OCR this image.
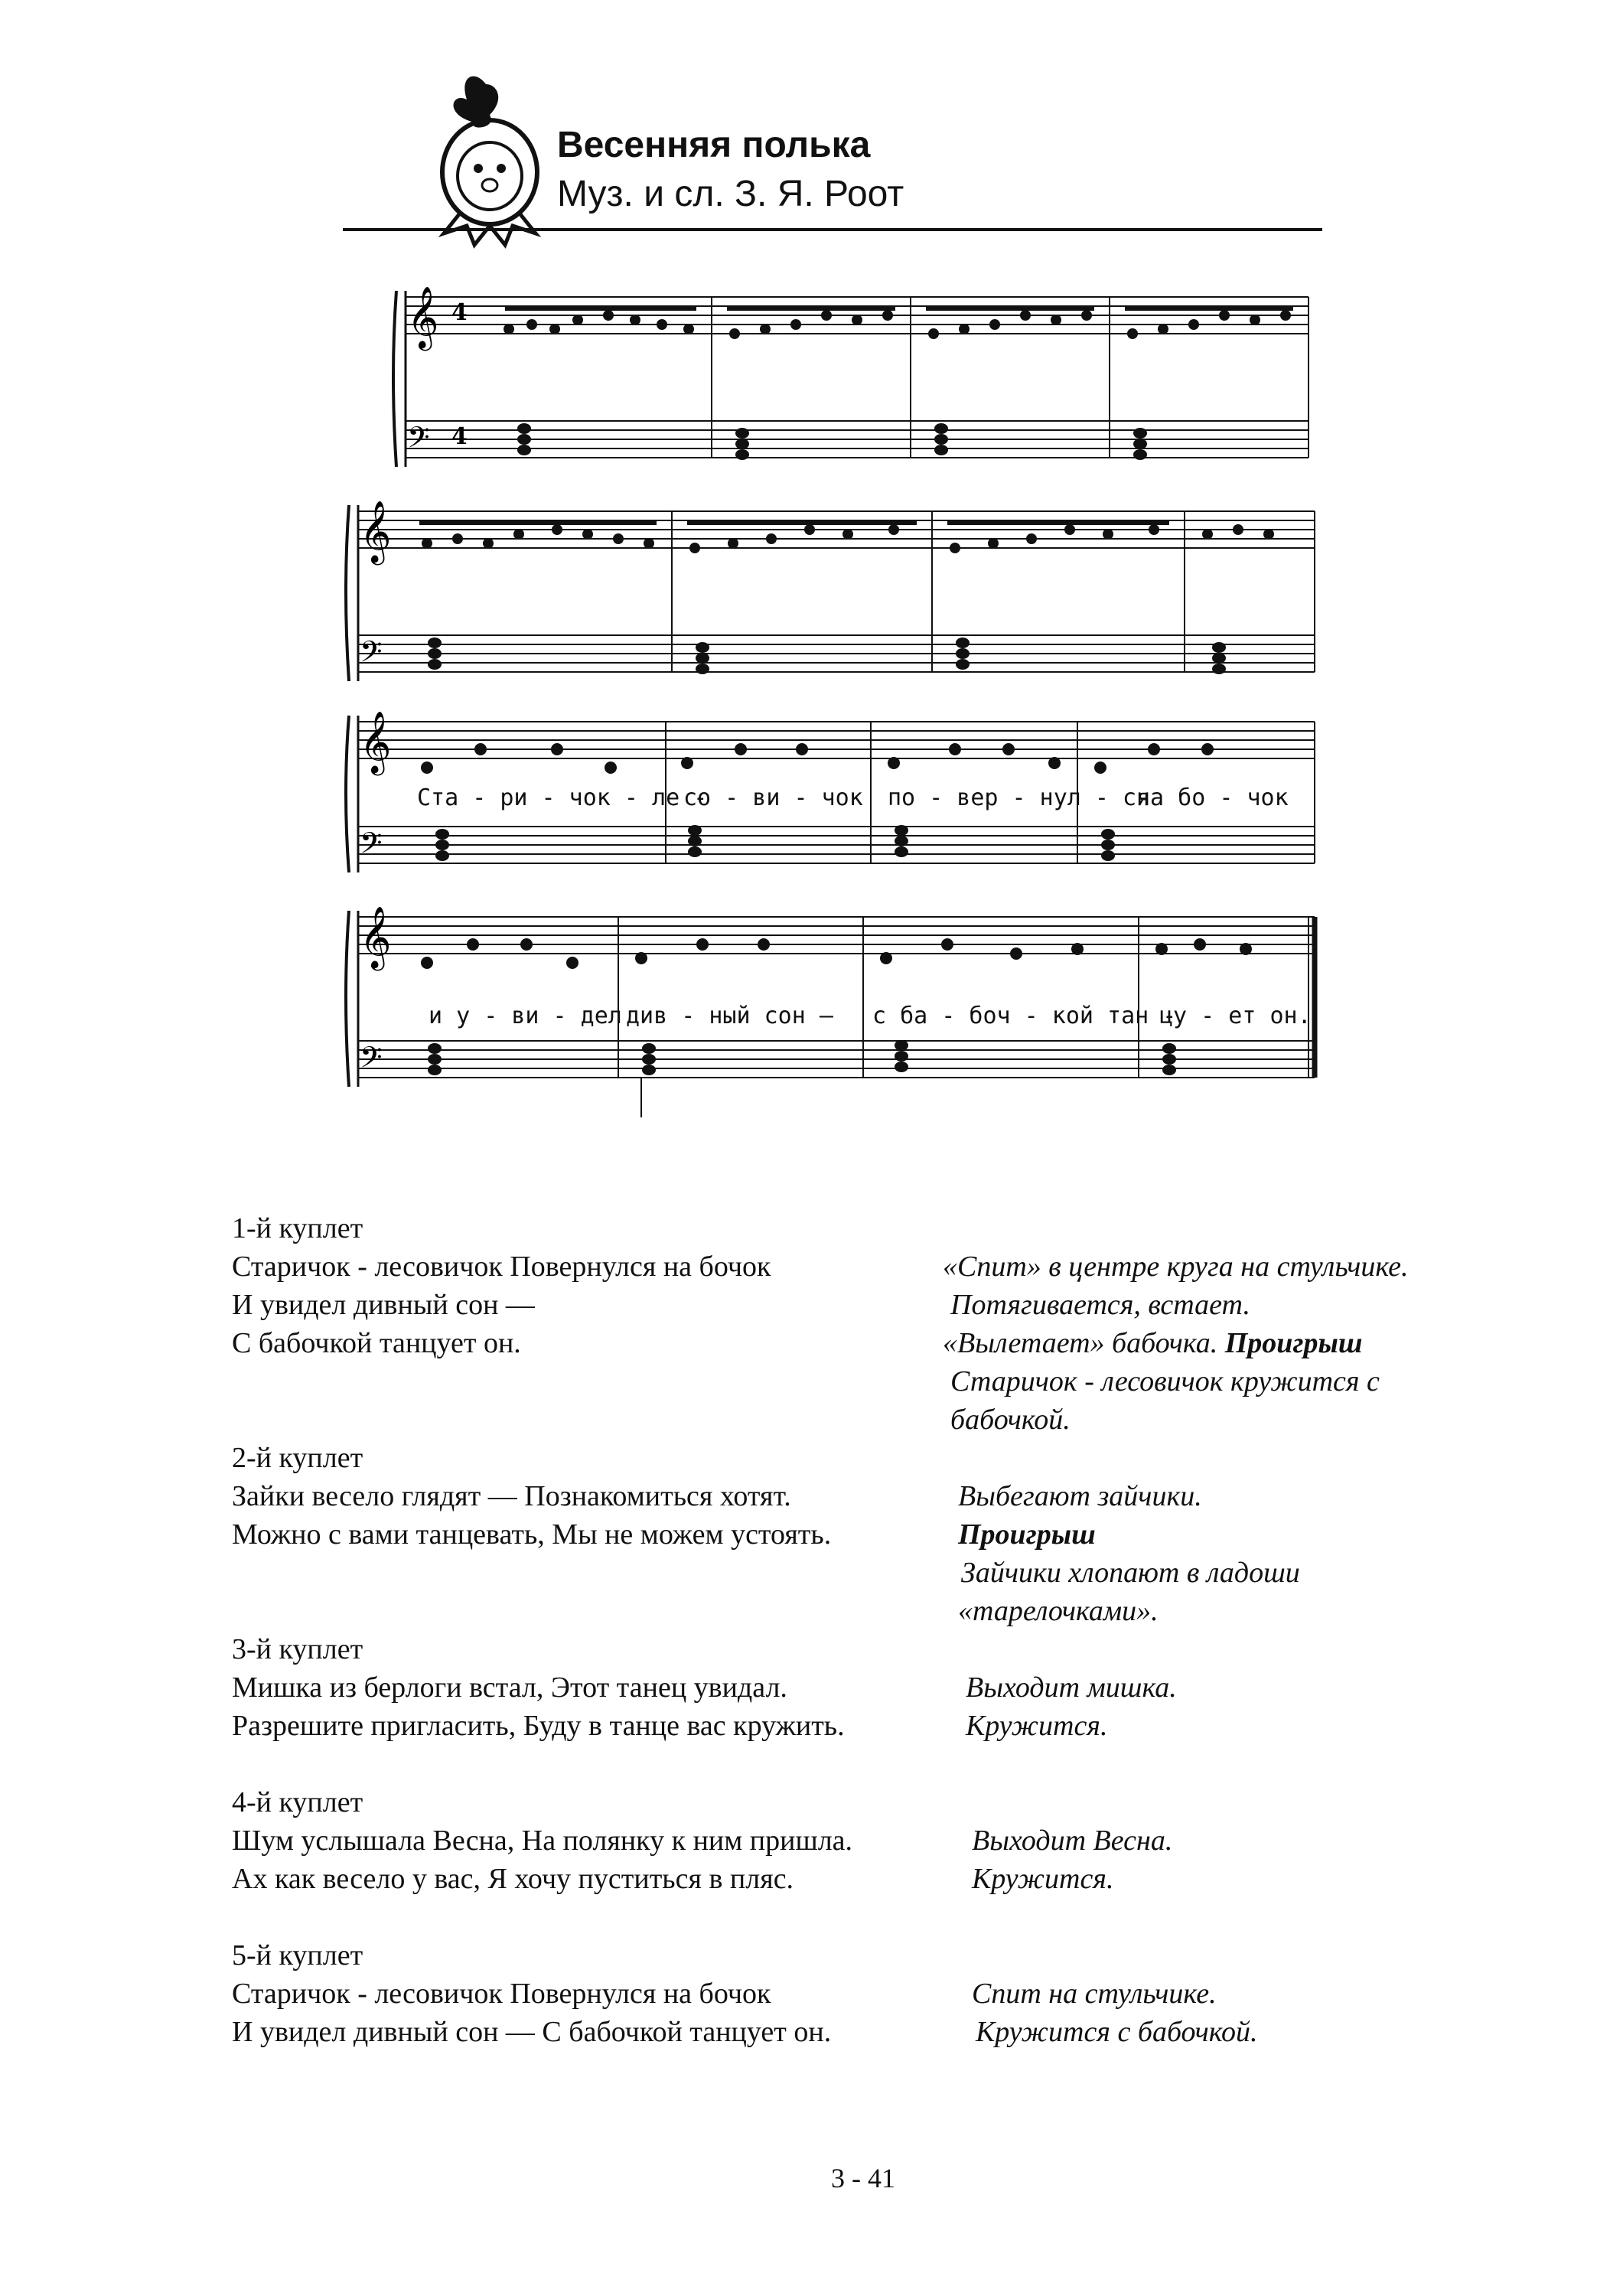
Весенняя полька
Муз. и сл. З. Я. Роот
𝄞
𝄢
4
4
𝄞
𝄢
𝄞
𝄢
Ста - ри - чок - ле -
со - ви - чок по - вер - нул - ся
на бо - чок
𝄞
𝄢
и у - ви - дел див - ный сон — с ба - боч - кой тан -
цу - ет он.
1-й куплет
Старичок - лесовичок Повернулся на бочок
И увидел дивный сон —
С бабочкой танцует он.
«Спит» в центре круга на стульчике.
Потягивается, встает.
«Вылетает» бабочка. Проигрыш
Старичок - лесовичок кружится с
бабочкой.
2-й куплет
Зайки весело глядят — Познакомиться хотят.
Можно с вами танцевать, Мы не можем устоять.
Выбегают зайчики.
Проигрыш
Зайчики хлопают в ладоши
«тарелочками».
3-й куплет
Мишка из берлоги встал, Этот танец увидал.
Разрешите пригласить, Буду в танце вас кружить.
Выходит мишка.
Кружится.
4-й куплет
Шум услышала Весна, На полянку к ним пришла.
Ах как весело у вас, Я хочу пуститься в пляс.
Выходит Весна.
Кружится.
5-й куплет
Старичок - лесовичок Повернулся на бочок
И увидел дивный сон — С бабочкой танцует он.
Спит на стульчике.
Кружится с бабочкой.
3 - 41
